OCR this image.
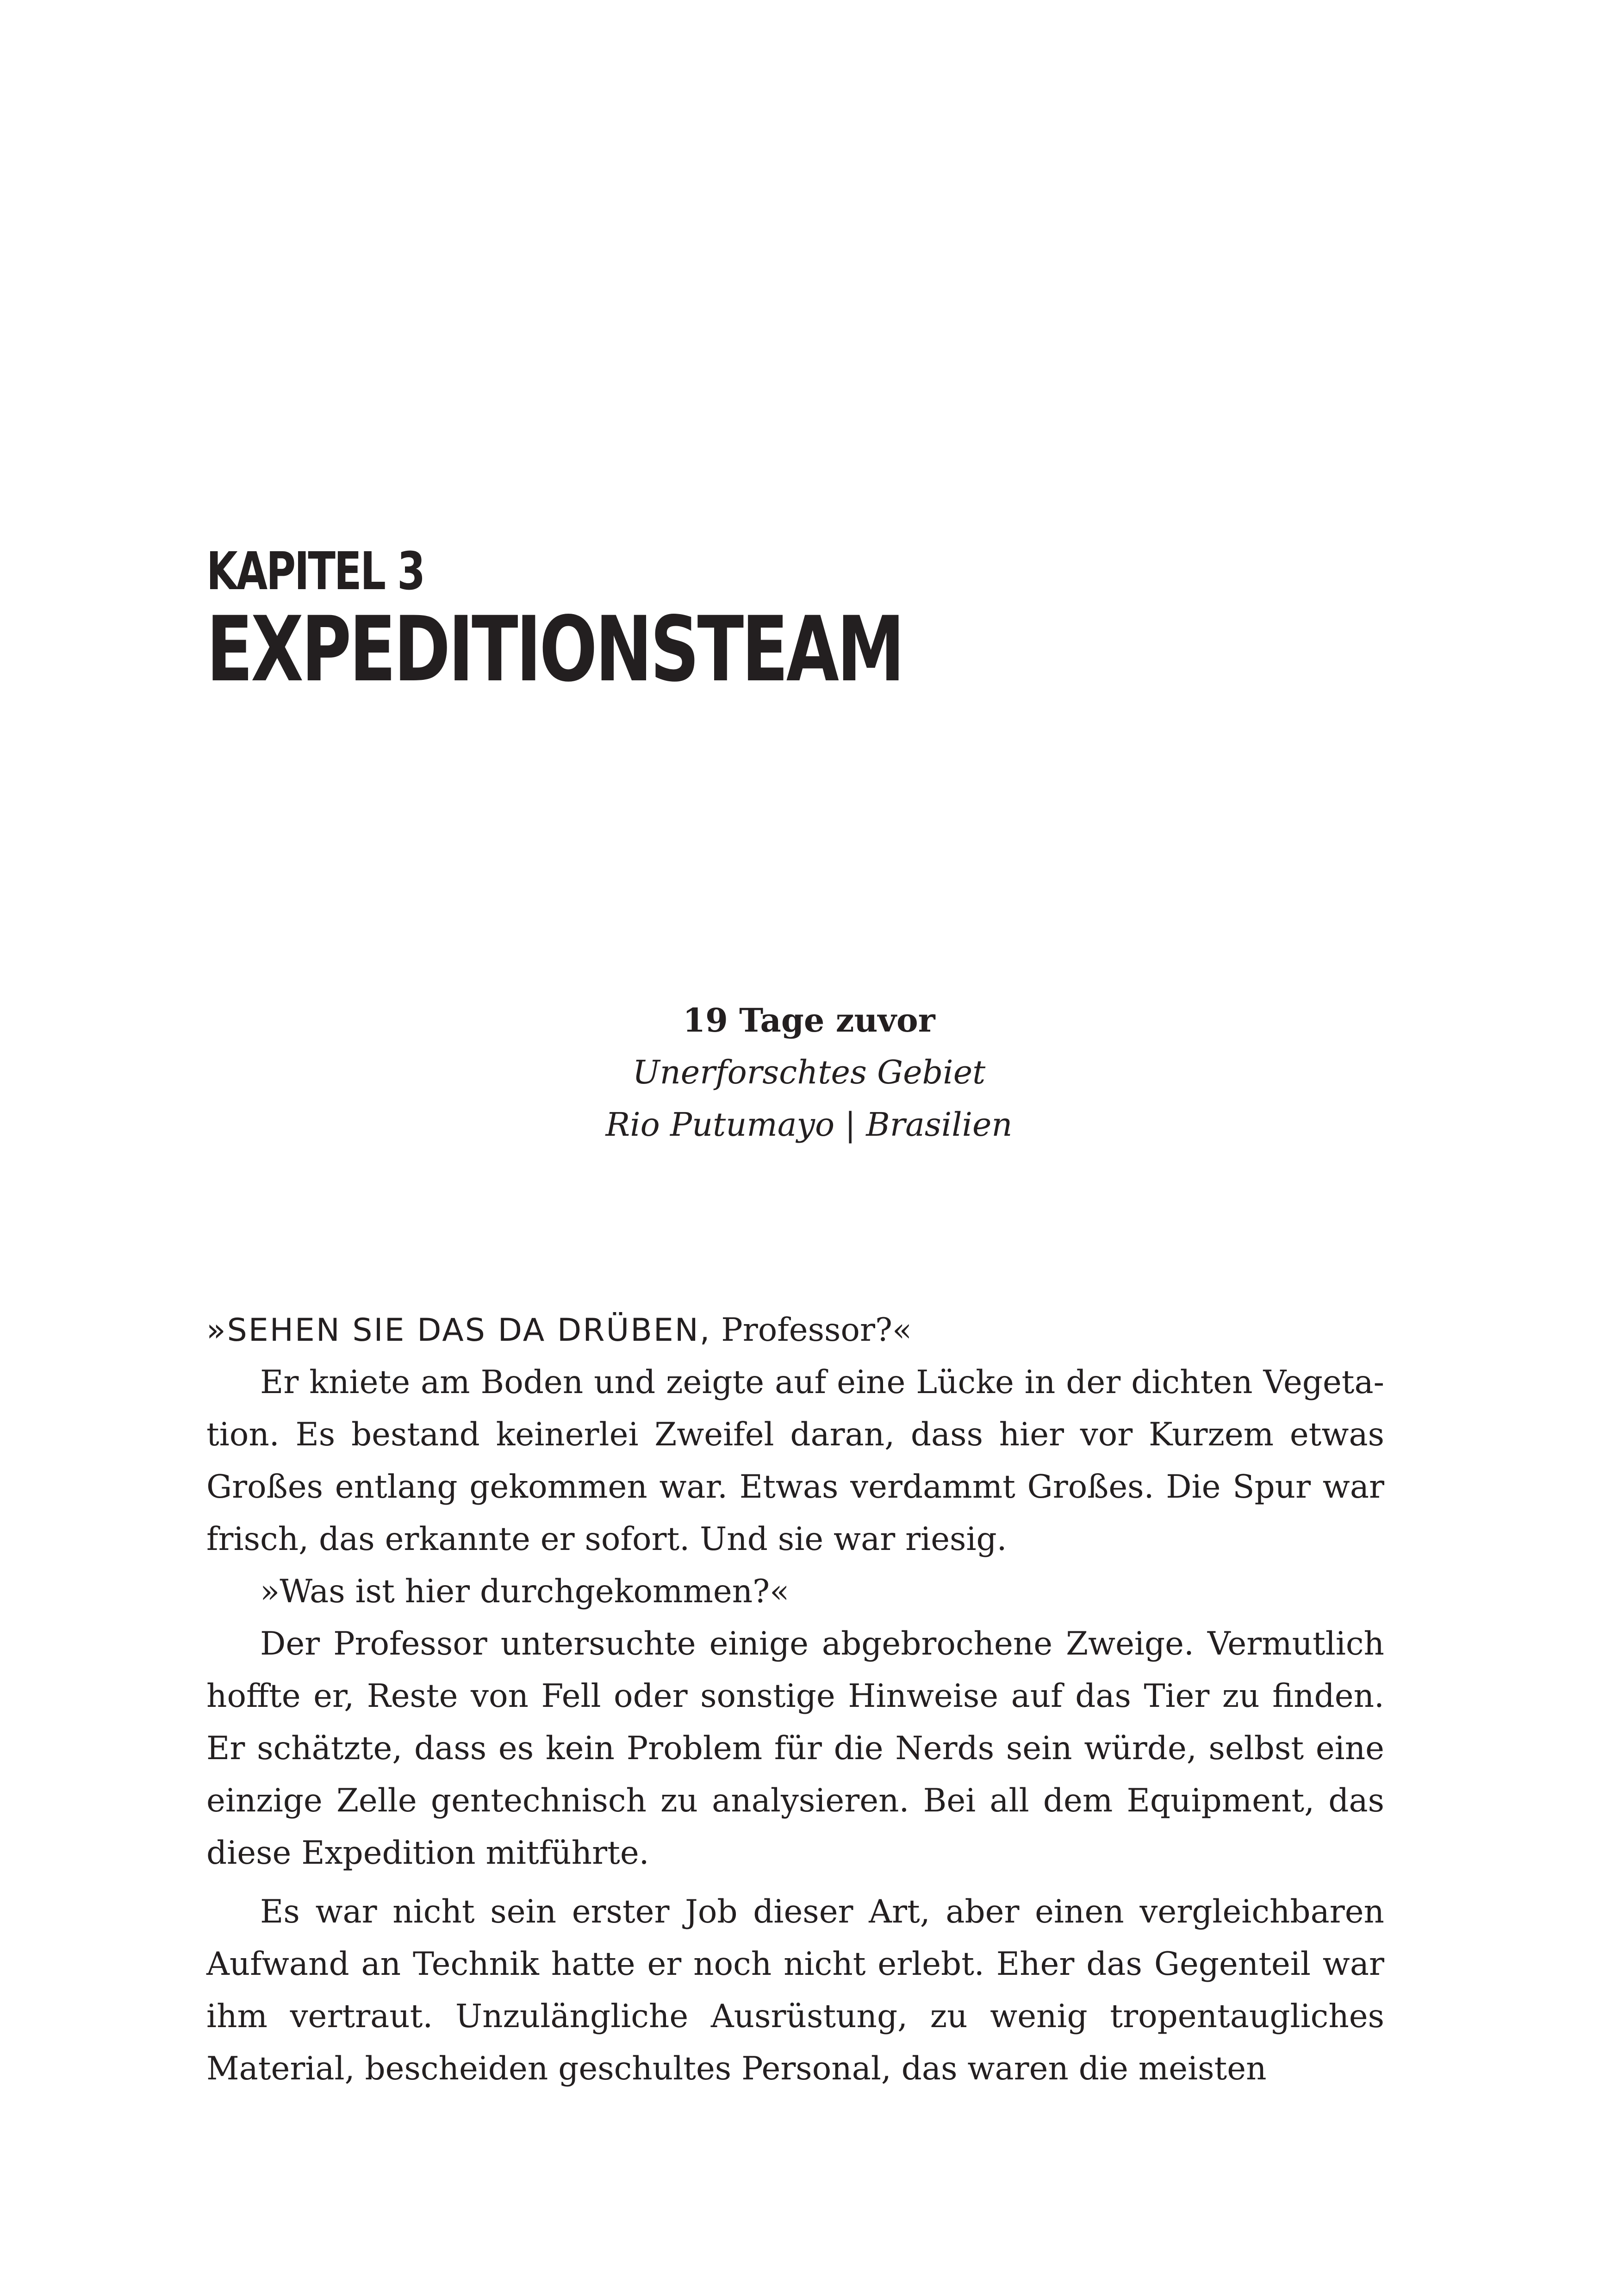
KAPITEL 3
EXPEDITIONSTEAM
19 Tage zuvor
Unerforschtes Gebiet
Rio Putumayo | Brasilien

»SEHEN SIE DAS DA DRÜBEN, Professor?«

Er kniete am Boden und zeigte auf eine Lücke in der dichten Vegetation. Es bestand keinerlei Zweifel daran, dass hier vor Kurzem etwas Großes entlang gekommen war. Etwas verdammt Großes. Die Spur war frisch, das erkannte er sofort. Und sie war riesig.

»Was ist hier durchgekommen?«

Der Professor untersuchte einige abgebrochene Zweige. Vermutlich hoffte er, Reste von Fell oder sonstige Hinweise auf das Tier zu finden. Er schätzte, dass es kein Problem für die Nerds sein würde, selbst eine einzige Zelle gentechnisch zu analysieren. Bei all dem Equipment, das diese Expedition mitführte.

Es war nicht sein erster Job dieser Art, aber einen vergleichbaren Aufwand an Technik hatte er noch nicht erlebt. Eher das Gegenteil war ihm vertraut. Unzulängliche Ausrüstung, zu wenig tropentaugliches Material, bescheiden geschultes Personal, das waren die meisten
